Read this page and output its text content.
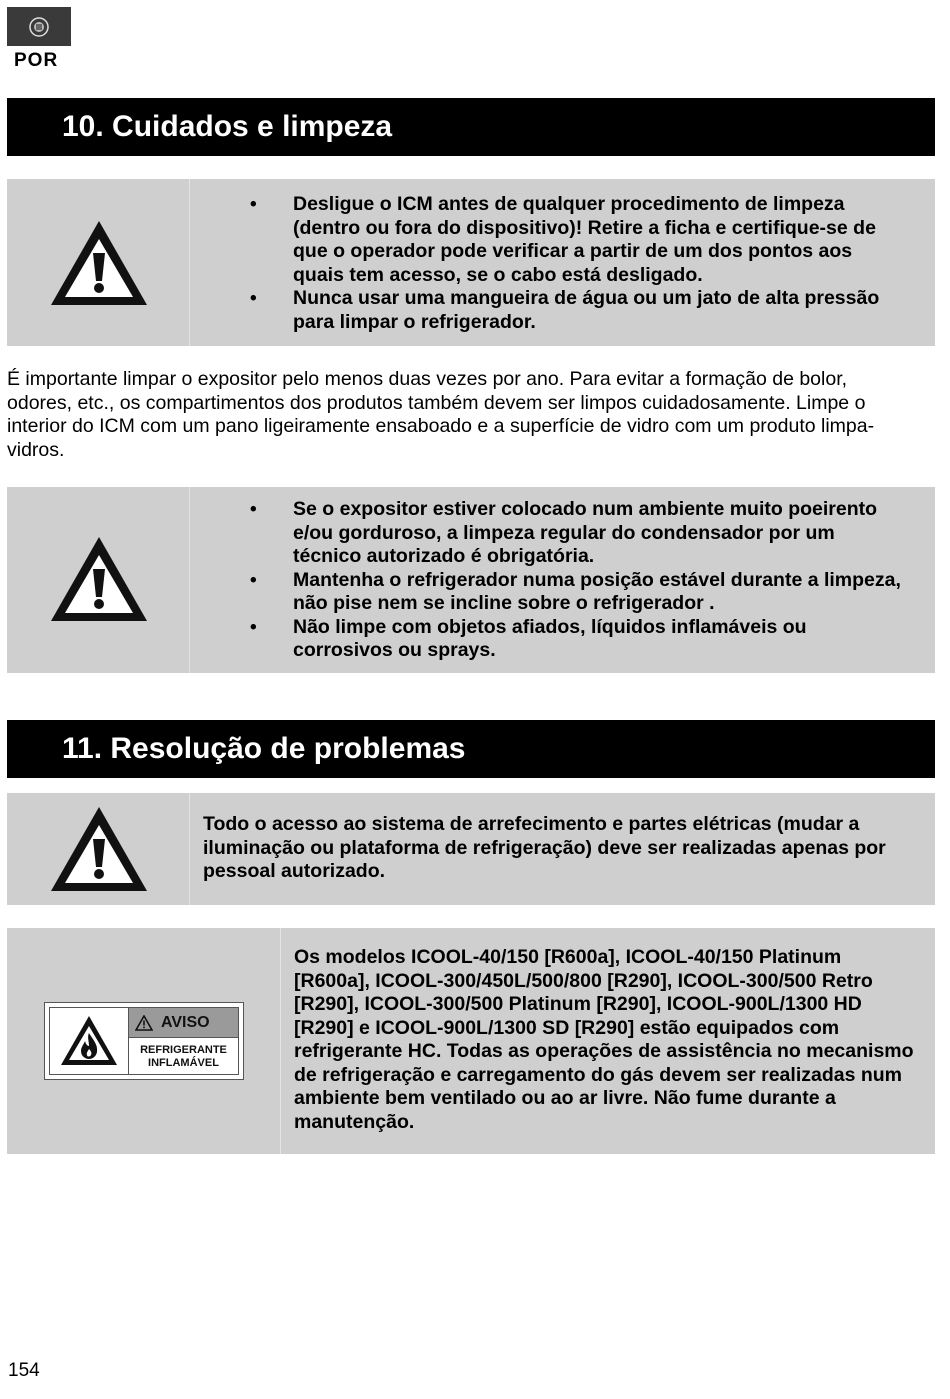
POR
10. Cuidados e limpeza
• Desligue o ICM antes de qualquer procedimento de limpeza (dentro ou fora do dispositivo)! Retire a ficha e certifique-se de que o operador pode verificar a partir de um dos pontos aos quais tem acesso, se o cabo está desligado.
• Nunca usar uma mangueira de água ou um jato de alta pressão para limpar o refrigerador.
É importante limpar o expositor pelo menos duas vezes por ano. Para evitar a formação de bolor, odores, etc., os compartimentos dos produtos também devem ser limpos cuidadosamente. Limpe o interior do ICM com um pano ligeiramente ensaboado e a superfície de vidro com um produto limpa-vidros.
• Se o expositor estiver colocado num ambiente muito poeirento e/ou gorduroso, a limpeza regular do condensador por um técnico autorizado é obrigatória.
• Mantenha o refrigerador numa posição estável durante a limpeza, não pise nem se incline sobre o refrigerador .
• Não limpe com objetos afiados, líquidos inflamáveis ou corrosivos ou sprays.
11. Resolução de problemas
Todo o acesso ao sistema de arrefecimento e partes elétricas (mudar a iluminação ou plataforma de refrigeração) deve ser realizadas apenas por pessoal autorizado.
AVISO
REFRIGERANTE
INFLAMÁVEL
Os modelos ICOOL-40/150 [R600a], ICOOL-40/150 Platinum [R600a], ICOOL-300/450L/500/800 [R290], ICOOL-300/500 Retro [R290], ICOOL-300/500 Platinum [R290], ICOOL-900L/1300 HD [R290] e ICOOL-900L/1300 SD [R290] estão equipados com refrigerante HC. Todas as operações de assistência no mecanismo de refrigeração e carregamento do gás devem ser realizadas num ambiente bem ventilado ou ao ar livre. Não fume durante a manutenção.
154
